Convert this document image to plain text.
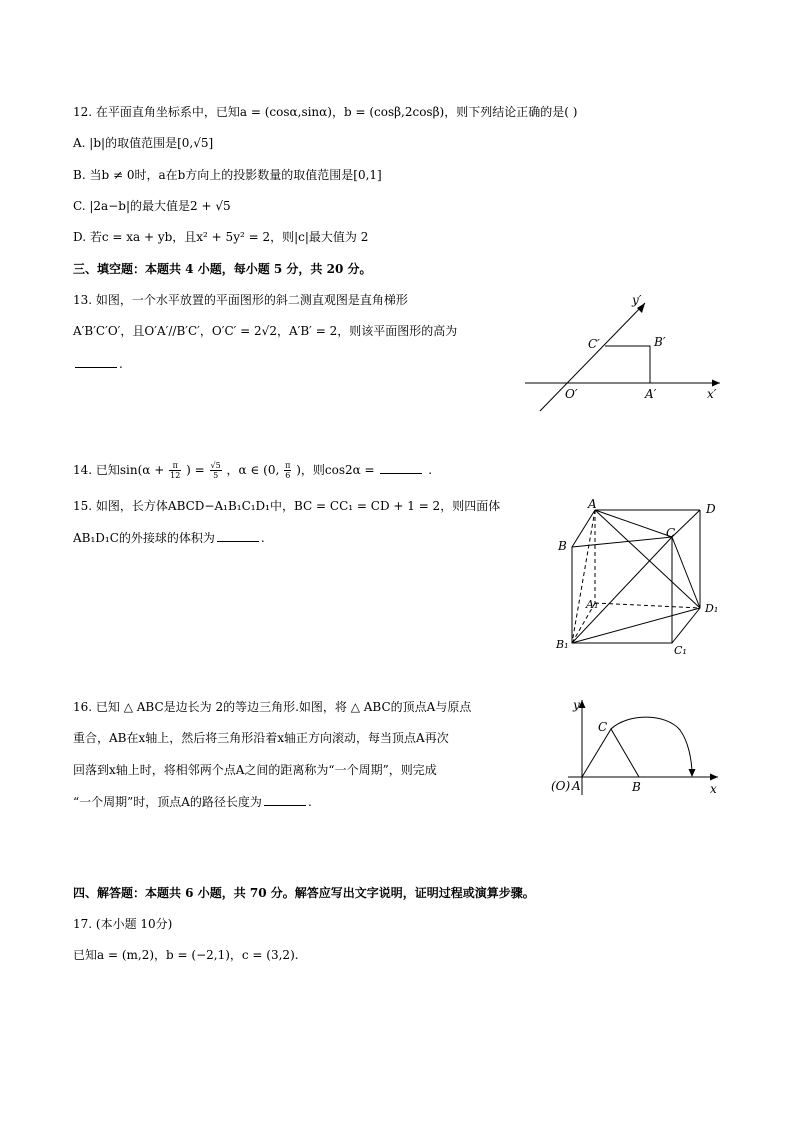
12. 在平面直角坐标系中，已知a = (cosα,sinα)，b = (cosβ,2cosβ)，则下列结论正确的是( )
A. |b|的取值范围是[0,√5]
B. 当b ≠ 0时，a在b方向上的投影数量的取值范围是[0,1]
C. |2a−b|的最大值是2 + √5
D. 若c = xa + yb，且x² + 5y² = 2，则|c|最大值为 2
三、填空题：本题共 4 小题，每小题 5 分，共 20 分。
13. 如图，一个水平放置的平面图形的斜二测直观图是直角梯形
A′B′C′O′，且O′A′//B′C′，O′C′ = 2√2，A′B′ = 2，则该平面图形的高为
.
y′
x′
O′	A′
B′
C′
14. 已知$\sin(\alpha + \frac{\pi}{12}$ ) = $\frac{√5}{5}$ ，α ∈ (0, $\frac{\pi}{6}$ )，则cos2α =	.
15. 如图，长方体ABCD−A₁B₁C₁D₁中，BC = CC₁ = CD + 1 = 2，则四面体
AB₁D₁C的外接球的体积为	.
A	D
B
C
A₁	D₁
B₁	C₁
16. 已知 △ ABC是边长为 2的等边三角形.如图，将 △ ABC的顶点A与原点
重合，AB在x轴上，然后将三角形沿着x轴正方向滚动，每当顶点A再次
回落到x轴上时，将相邻两个点A之间的距离称为“一个周期”，则完成
“一个周期”时，顶点A的路径长度为	.
y
x
C
(O) A	B
四、解答题：本题共 6 小题，共 70 分。解答应写出文字说明，证明过程或演算步骤。
17. (本小题 10分)
已知a = (m,2)，b = (−2,1)，c = (3,2).
